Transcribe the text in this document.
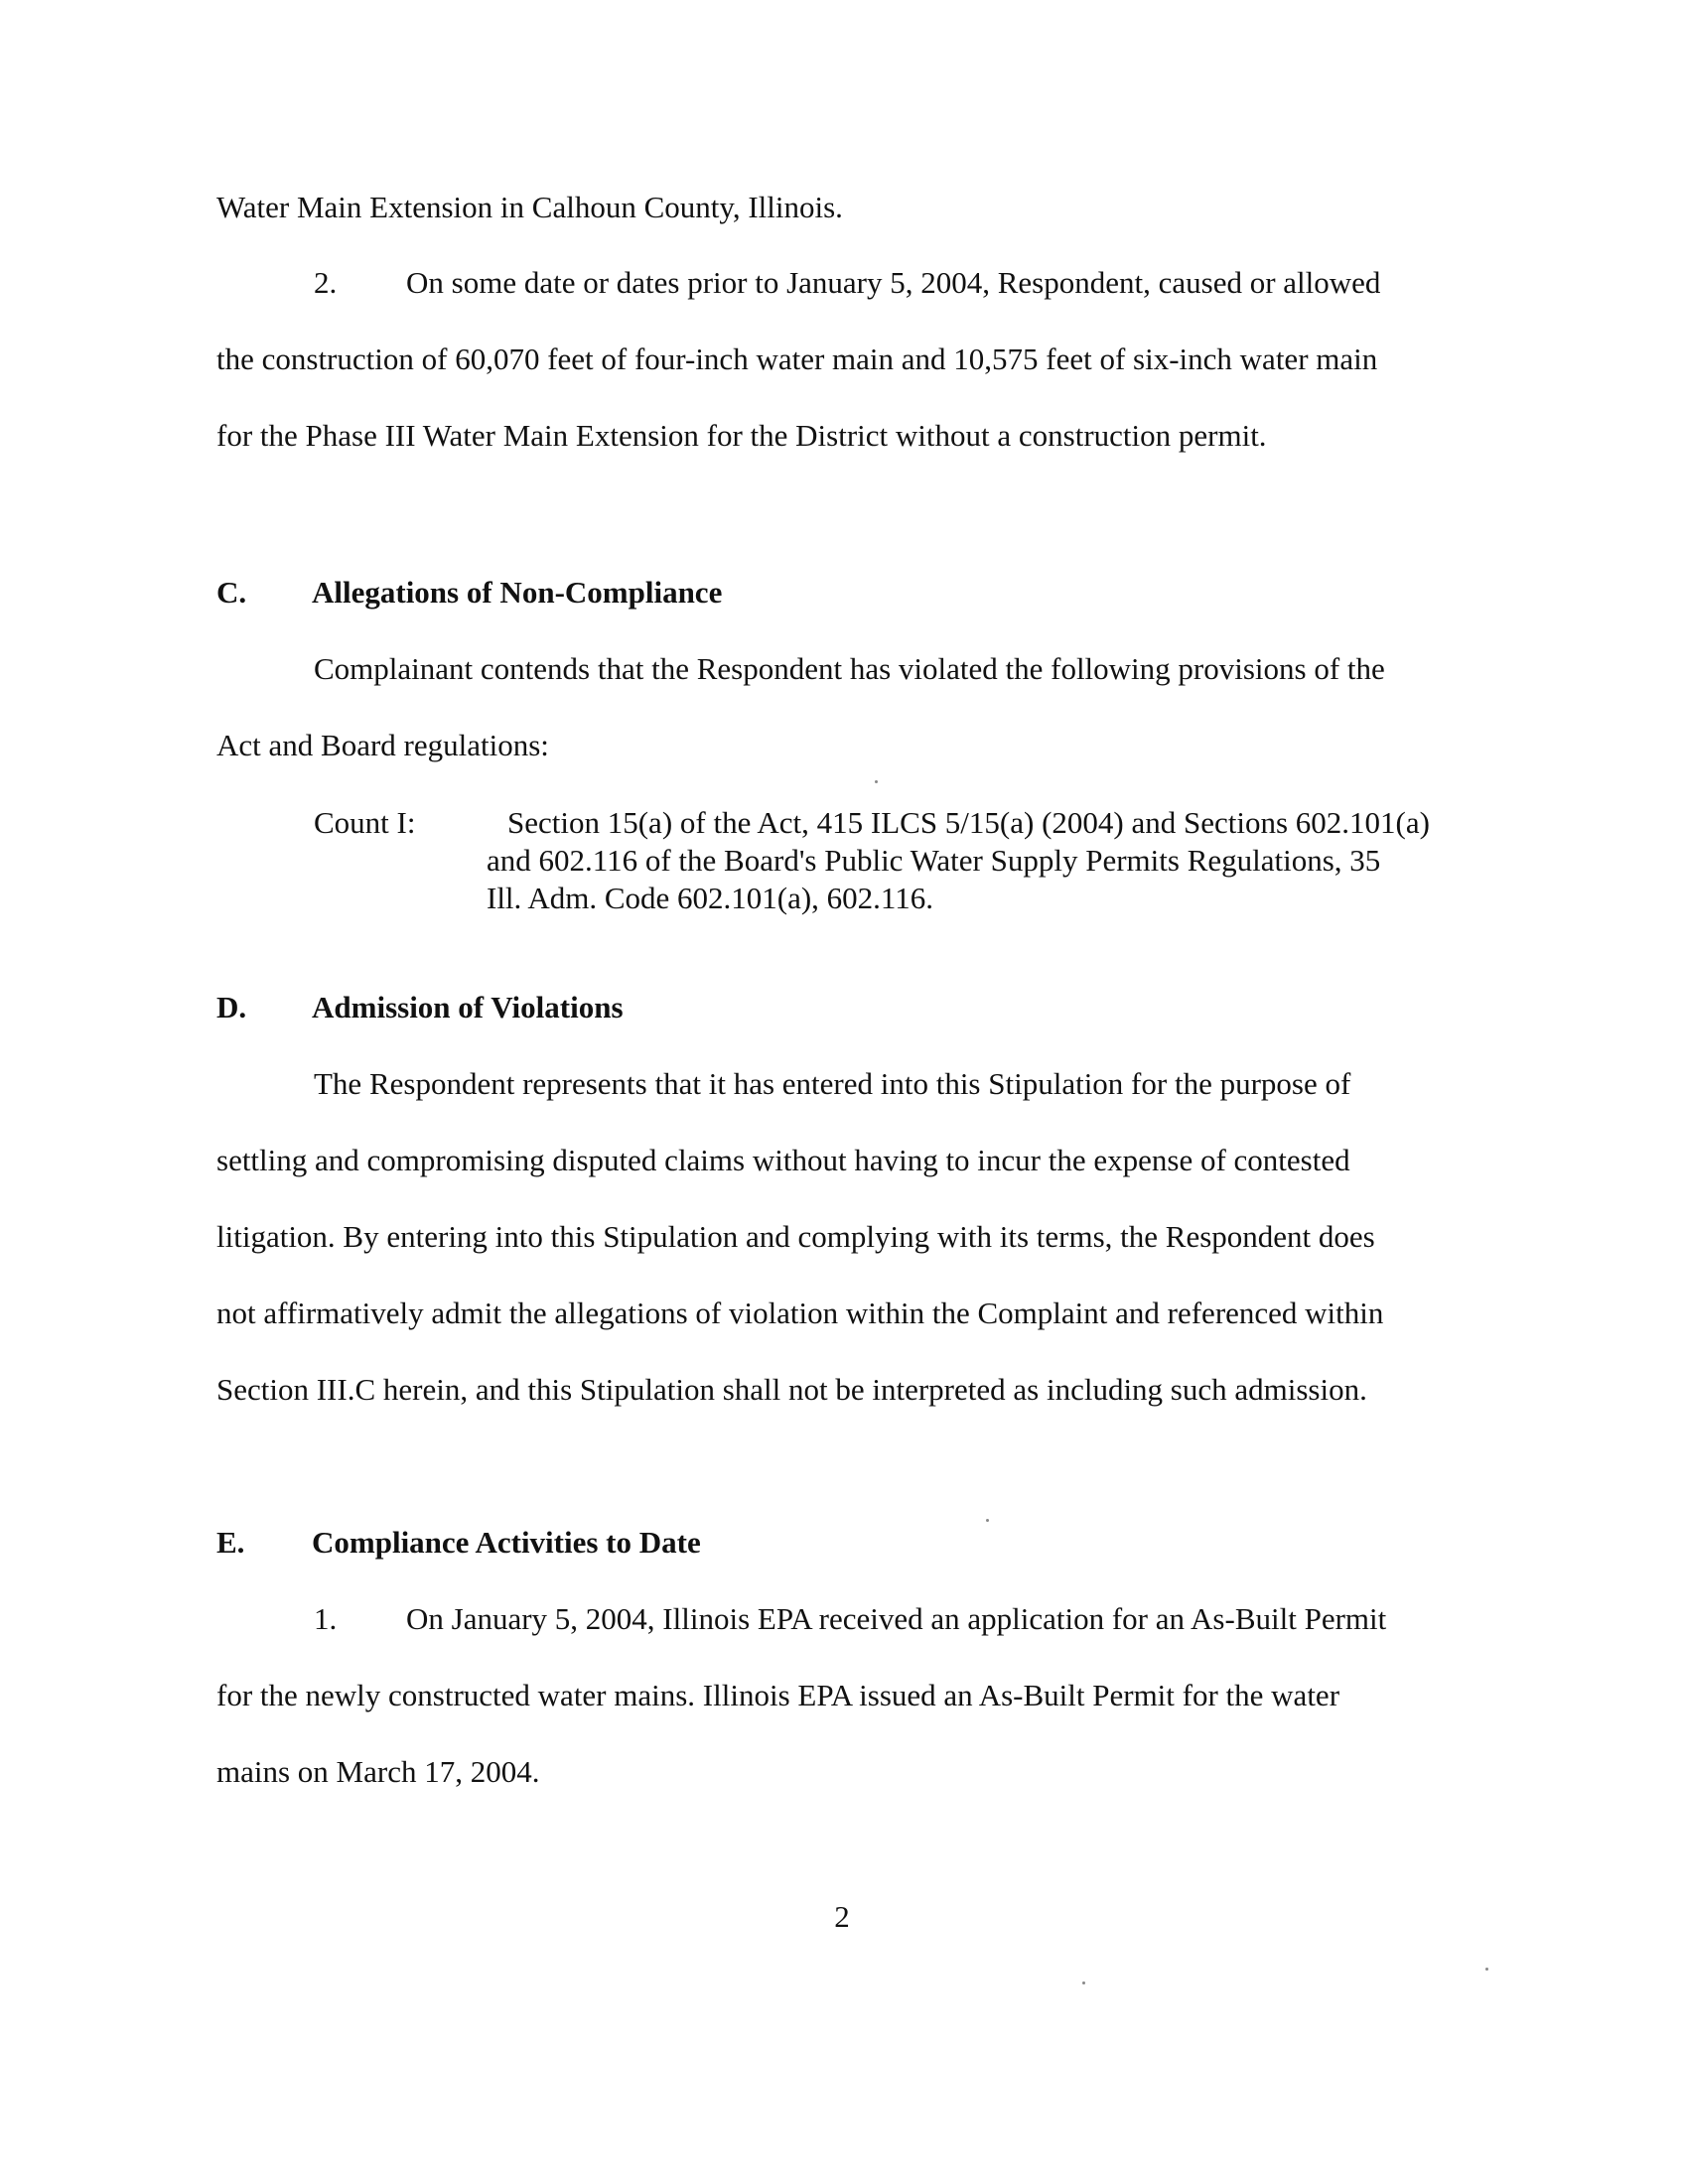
Water Main Extension in Calhoun County, Illinois.
2.         On some date or dates prior to January 5, 2004, Respondent, caused or allowed
the construction of 60,070 feet of four-inch water main and 10,575 feet of six-inch water main
for the Phase III Water Main Extension for the District without a construction permit.
C. Allegations of Non-Compliance
Complainant contends that the Respondent has violated the following provisions of the
Act and Board regulations:
Count I:	Section 15(a) of the Act, 415 ILCS 5/15(a) (2004) and Sections 602.101(a)
and 602.116 of the Board's Public Water Supply Permits Regulations, 35
Ill. Adm. Code 602.101(a), 602.116.
D. Admission of Violations
The Respondent represents that it has entered into this Stipulation for the purpose of
settling and compromising disputed claims without having to incur the expense of contested
litigation. By entering into this Stipulation and complying with its terms, the Respondent does
not affirmatively admit the allegations of violation within the Complaint and referenced within
Section III.C herein, and this Stipulation shall not be interpreted as including such admission.
E. Compliance Activities to Date
1.         On January 5, 2004, Illinois EPA received an application for an As-Built Permit
for the newly constructed water mains. Illinois EPA issued an As-Built Permit for the water
mains on March 17, 2004.
2
